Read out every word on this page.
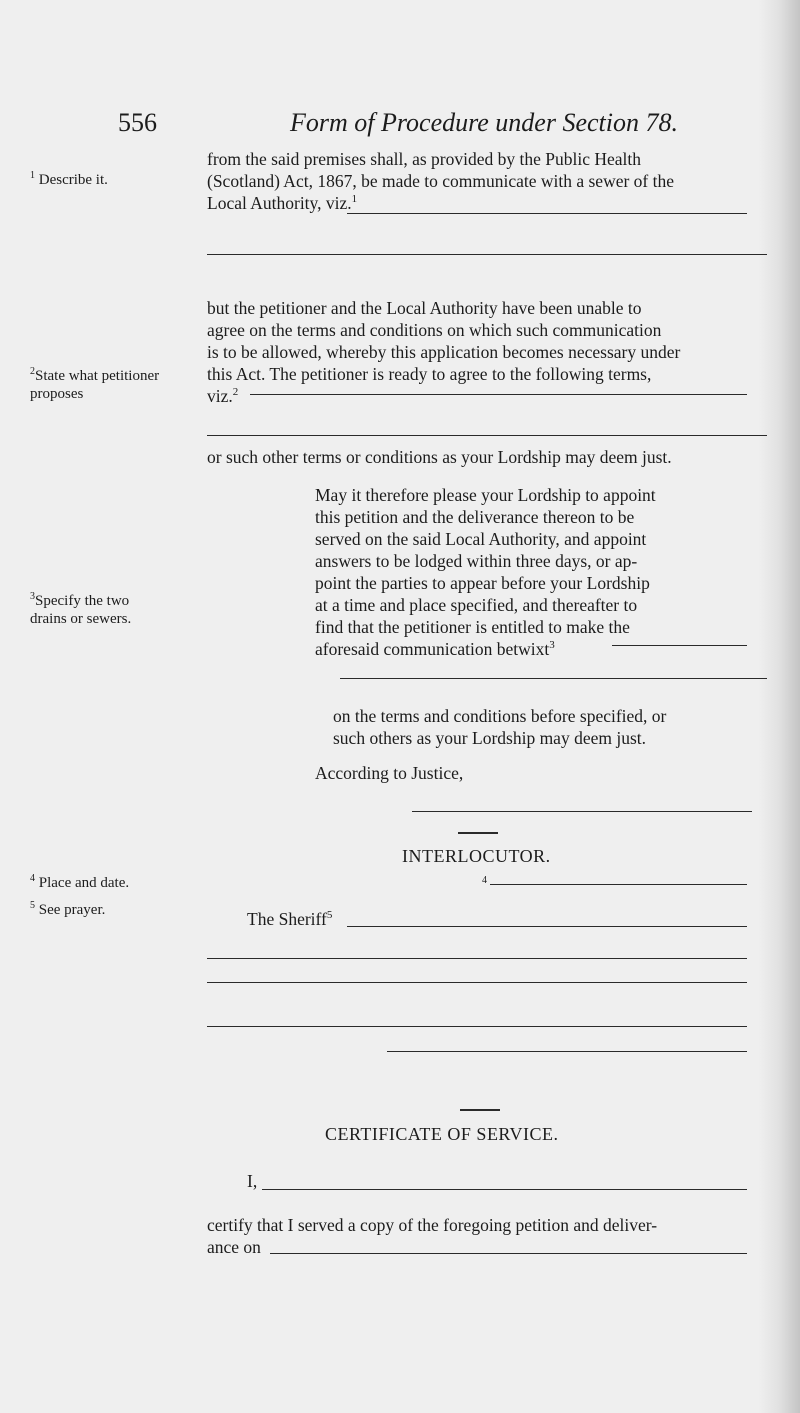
556	Form of Procedure under Section 78.
$^1$ Describe it.
$^2$State what petitioner
proposes
$^3$Specify the two
drains or sewers.
$^4$ Place and date.
$^5$ See prayer.
from the said premises shall, as provided by the Public Health
(Scotland) Act, 1867, be made to communicate with a sewer of the
Local Authority, viz.$^1$
but the petitioner and the Local Authority have been unable to
agree on the terms and conditions on which such communication
is to be allowed, whereby this application becomes necessary under
this Act. The petitioner is ready to agree to the following terms,
viz.$^2$
or such other terms or conditions as your Lordship may deem just.
May it therefore please your Lordship to appoint
this petition and the deliverance thereon to be
served on the said Local Authority, and appoint
answers to be lodged within three days, or ap-
point the parties to appear before your Lordship
at a time and place specified, and thereafter to
find that the petitioner is entitled to make the
aforesaid communication betwixt$^3$
on the terms and conditions before specified, or
such others as your Lordship may deem just.
According to Justice,
INTERLOCUTOR.
$^4$
The Sheriff$^5$
CERTIFICATE OF SERVICE.
I,
certify that I served a copy of the foregoing petition and deliver-
ance on
